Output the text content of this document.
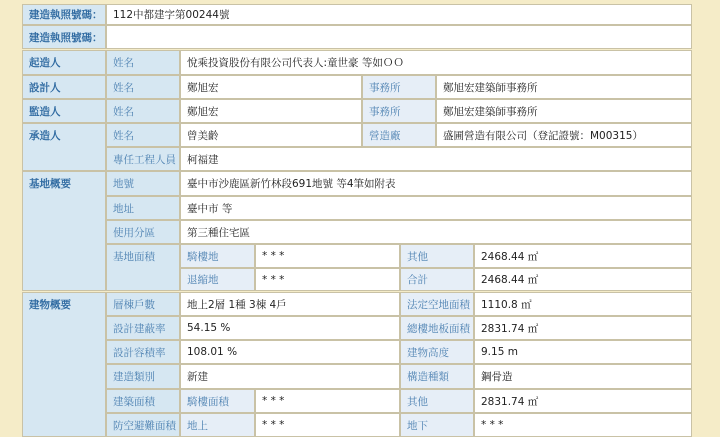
建造執照號碼：	112中都建字第00244號
建造執照號碼：
起造人	姓名	悅乘投資股份有限公司代表人:童世豪 等如ＯＯ
設計人	姓名	鄭旭宏	事務所	鄭旭宏建築師事務所
監造人	姓名	鄭旭宏	事務所	鄭旭宏建築師事務所
承造人	姓名	曾美齡	營造廠	盛圃營造有限公司（登記證號：M00315）
專任工程人員	柯福建
基地概要	地號	臺中市沙鹿區新竹林段691地號 等4筆如附表
地址	臺中市 等
使用分區	第三種住宅區
基地面積	騎樓地	* * *	其他	2468.44 ㎡
退縮地	* * *	合計	2468.44 ㎡
建物概要	層棟戶數	地上2層 1種 3棟 4戶	法定空地面積	1110.8 ㎡
設計建蔽率	54.15 %	總樓地板面積	2831.74 ㎡
設計容積率	108.01 %	建物高度	9.15 m
建造類別	新建	構造種類	鋼骨造
建築面積	騎樓面積	* * *	其他	2831.74 ㎡
防空避難面積	地上	* * *	地下	* * *
